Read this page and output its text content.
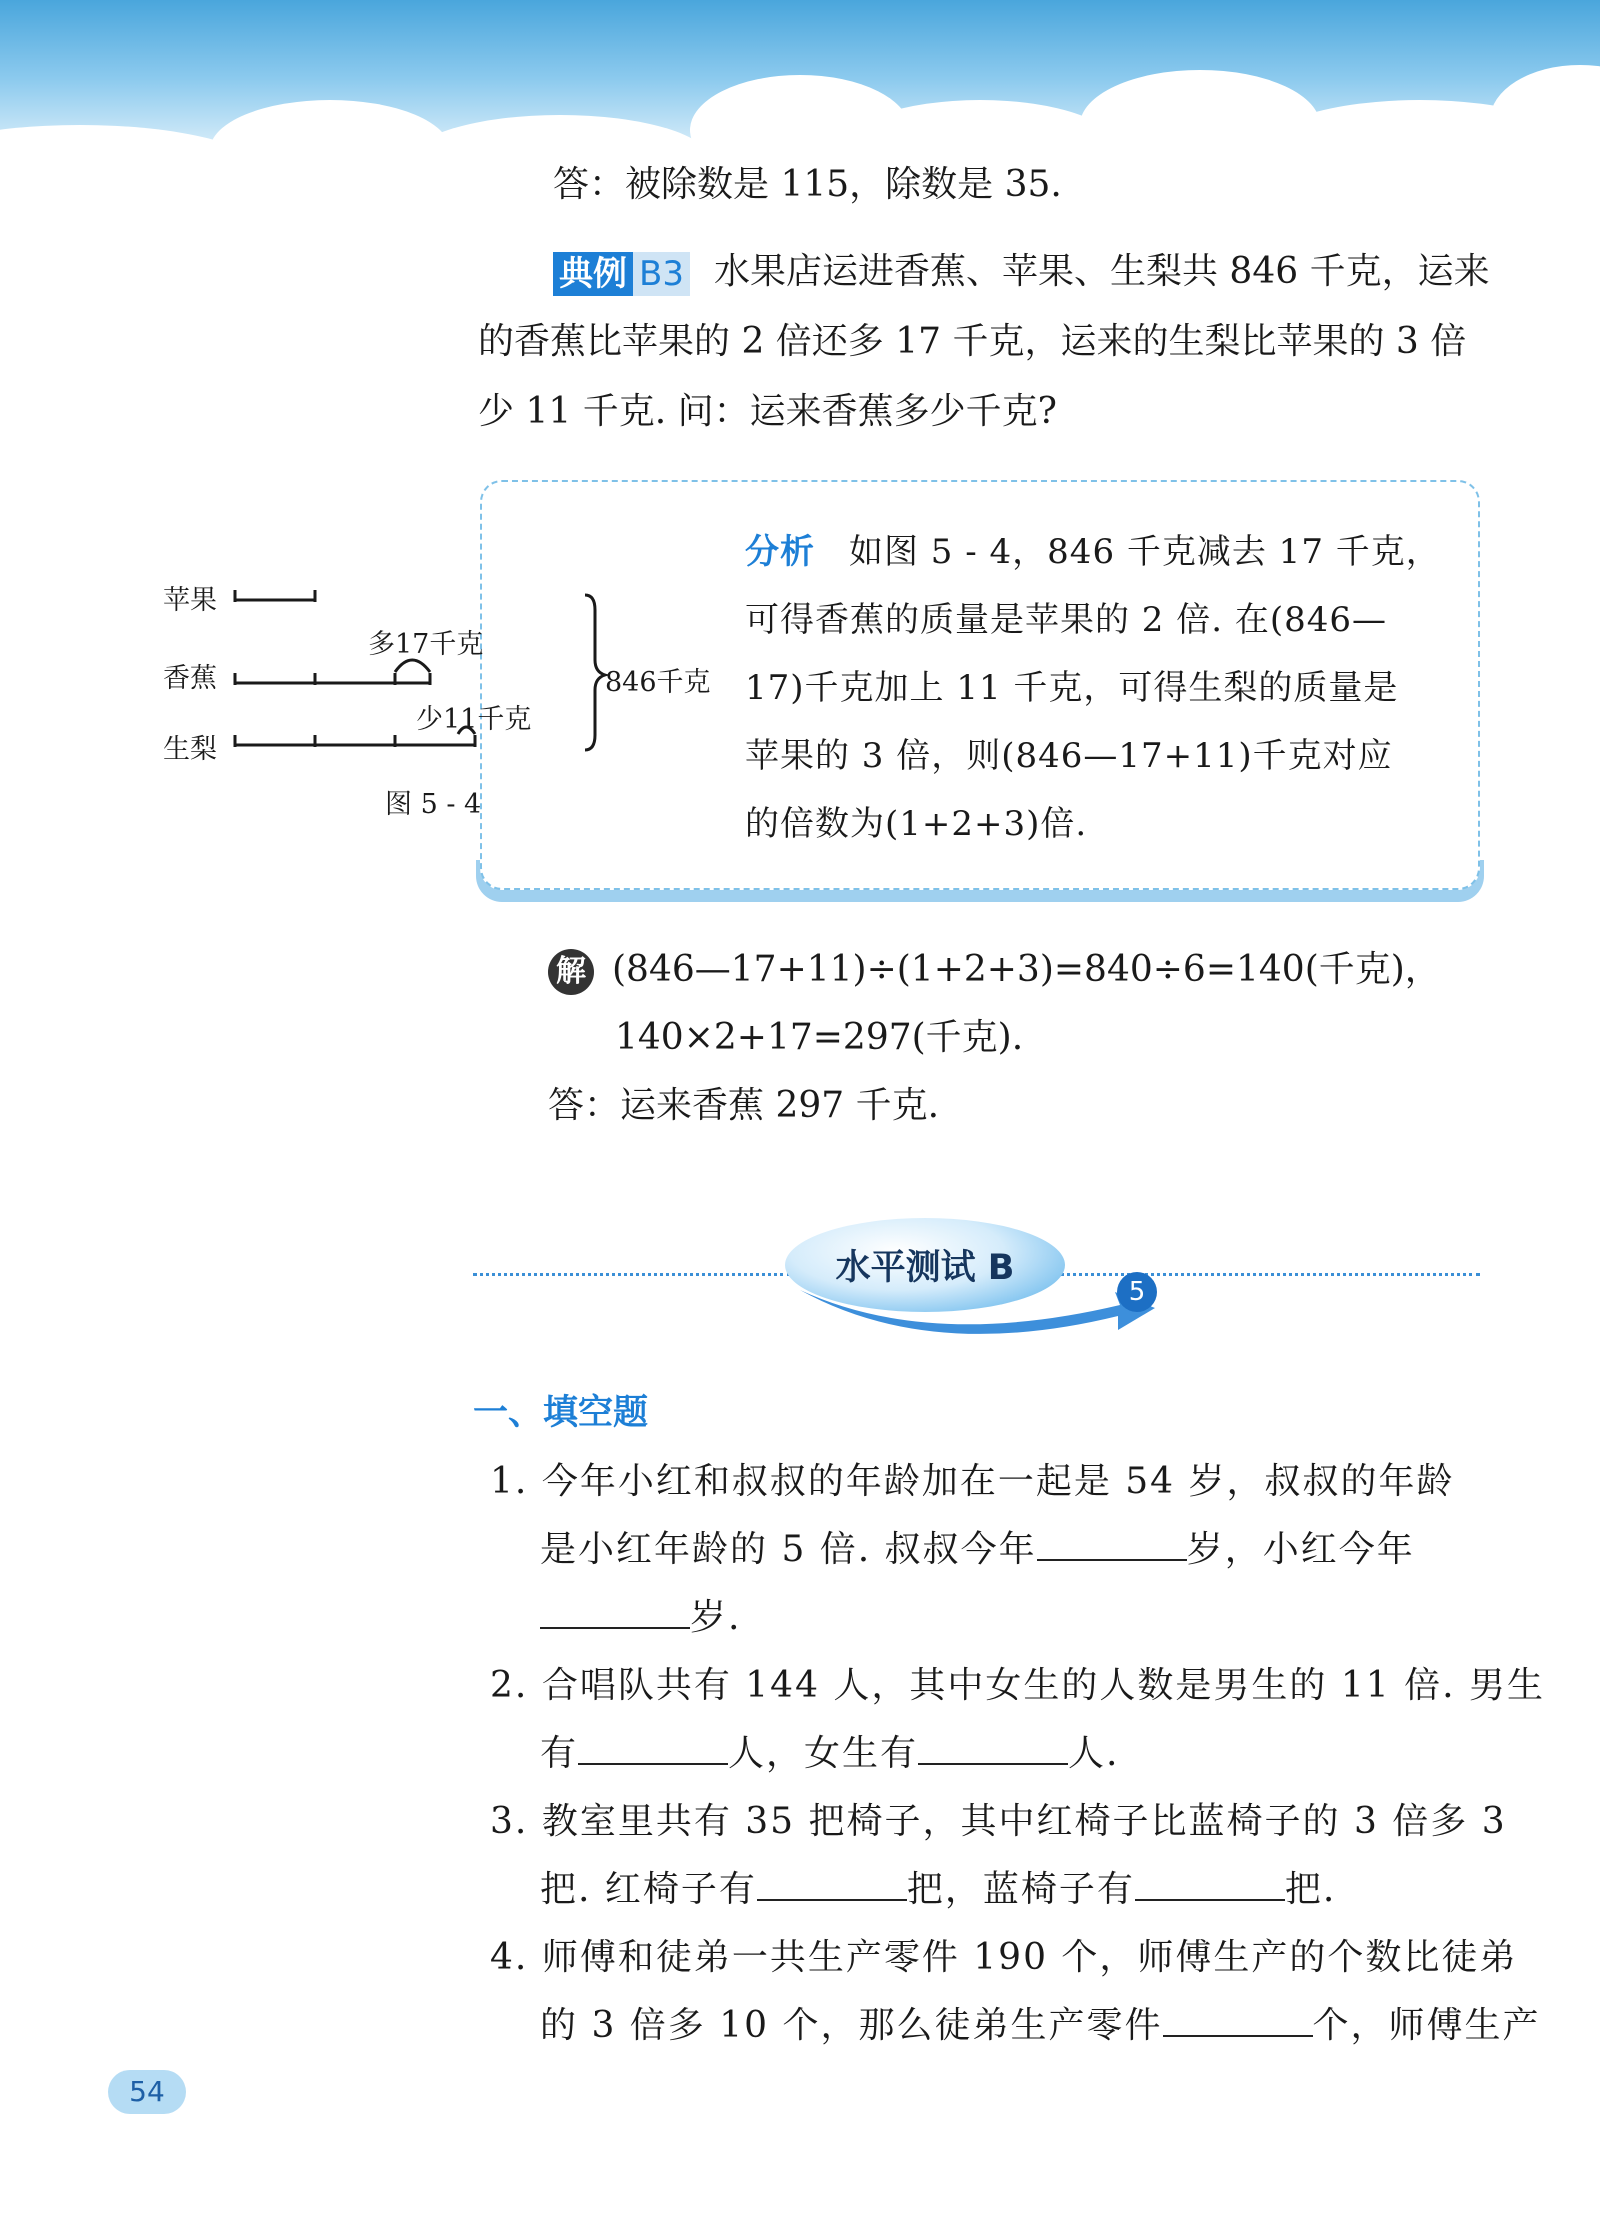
答：被除数是 115，除数是 35.
典例 B3 水果店运进香蕉、苹果、生梨共 846 千克，运来
的香蕉比苹果的 2 倍还多 17 千克，运来的生梨比苹果的 3 倍
少 11 千克. 问：运来香蕉多少千克?
苹果
香蕉
生梨
多17千克
少11千克
846千克
图 5 - 4
分析 如图 5 - 4，846 千克减去 17 千克，
可得香蕉的质量是苹果的 2 倍. 在(846—
17)千克加上 11 千克，可得生梨的质量是
苹果的 3 倍，则(846—17+11)千克对应
的倍数为(1+2+3)倍.
解 (846—17+11)÷(1+2+3)=840÷6=140(千克)，
140×2+17=297(千克).
答：运来香蕉 297 千克.
水平测试 B
5
一、填空题
1. 今年小红和叔叔的年龄加在一起是 54 岁，叔叔的年龄
是小红年龄的 5 倍. 叔叔今年	岁，小红今年
岁.
2. 合唱队共有 144 人，其中女生的人数是男生的 11 倍. 男生
有	人，女生有	人.
3. 教室里共有 35 把椅子，其中红椅子比蓝椅子的 3 倍多 3
把. 红椅子有	把，蓝椅子有	把.
4. 师傅和徒弟一共生产零件 190 个，师傅生产的个数比徒弟
的 3 倍多 10 个，那么徒弟生产零件	个，师傅生产
54
